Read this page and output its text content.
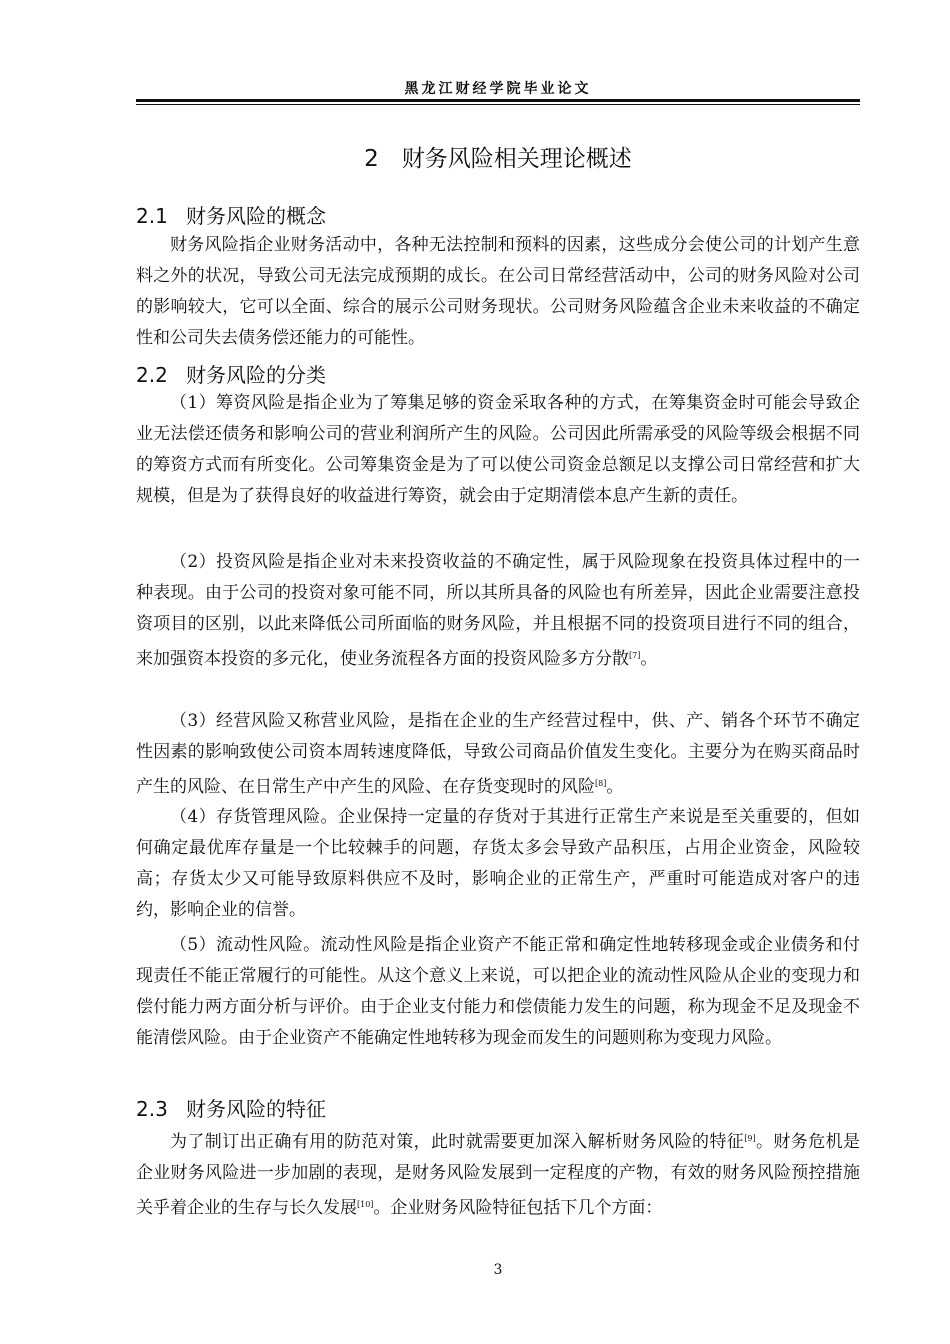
黑龙江财经学院毕业论文
2　财务风险相关理论概述
2.1 财务风险的概念

财务风险指企业财务活动中，各种无法控制和预料的因素，这些成分会使公司的计划产生意料之外的状况，导致公司无法完成预期的成长。在公司日常经营活动中，公司的财务风险对公司的影响较大，它可以全面、综合的展示公司财务现状。公司财务风险蕴含企业未来收益的不确定性和公司失去债务偿还能力的可能性。

2.2 财务风险的分类

（1）筹资风险是指企业为了筹集足够的资金采取各种的方式，在筹集资金时可能会导致企业无法偿还债务和影响公司的营业利润所产生的风险。公司因此所需承受的风险等级会根据不同的筹资方式而有所变化。公司筹集资金是为了可以使公司资金总额足以支撑公司日常经营和扩大规模，但是为了获得良好的收益进行筹资，就会由于定期清偿本息产生新的责任。

（2）投资风险是指企业对未来投资收益的不确定性，属于风险现象在投资具体过程中的一种表现。由于公司的投资对象可能不同，所以其所具备的风险也有所差异，因此企业需要注意投资项目的区别，以此来降低公司所面临的财务风险，并且根据不同的投资项目进行不同的组合，来加强资本投资的多元化，使业务流程各方面的投资风险多方分散[7]。

（3）经营风险又称营业风险，是指在企业的生产经营过程中，供、产、销各个环节不确定性因素的影响致使公司资本周转速度降低，导致公司商品价值发生变化。主要分为在购买商品时产生的风险、在日常生产中产生的风险、在存货变现时的风险[8]。

（4）存货管理风险。企业保持一定量的存货对于其进行正常生产来说是至关重要的，但如何确定最优库存量是一个比较棘手的问题，存货太多会导致产品积压，占用企业资金，风险较高；存货太少又可能导致原料供应不及时，影响企业的正常生产，严重时可能造成对客户的违约，影响企业的信誉。

（5）流动性风险。流动性风险是指企业资产不能正常和确定性地转移现金或企业债务和付现责任不能正常履行的可能性。从这个意义上来说，可以把企业的流动性风险从企业的变现力和偿付能力两方面分析与评价。由于企业支付能力和偿债能力发生的问题，称为现金不足及现金不能清偿风险。由于企业资产不能确定性地转移为现金而发生的问题则称为变现力风险。

2.3 财务风险的特征

为了制订出正确有用的防范对策，此时就需要更加深入解析财务风险的特征[9]。财务危机是企业财务风险进一步加剧的表现，是财务风险发展到一定程度的产物，有效的财务风险预控措施关乎着企业的生存与长久发展[10]。企业财务风险特征包括下几个方面：

3
